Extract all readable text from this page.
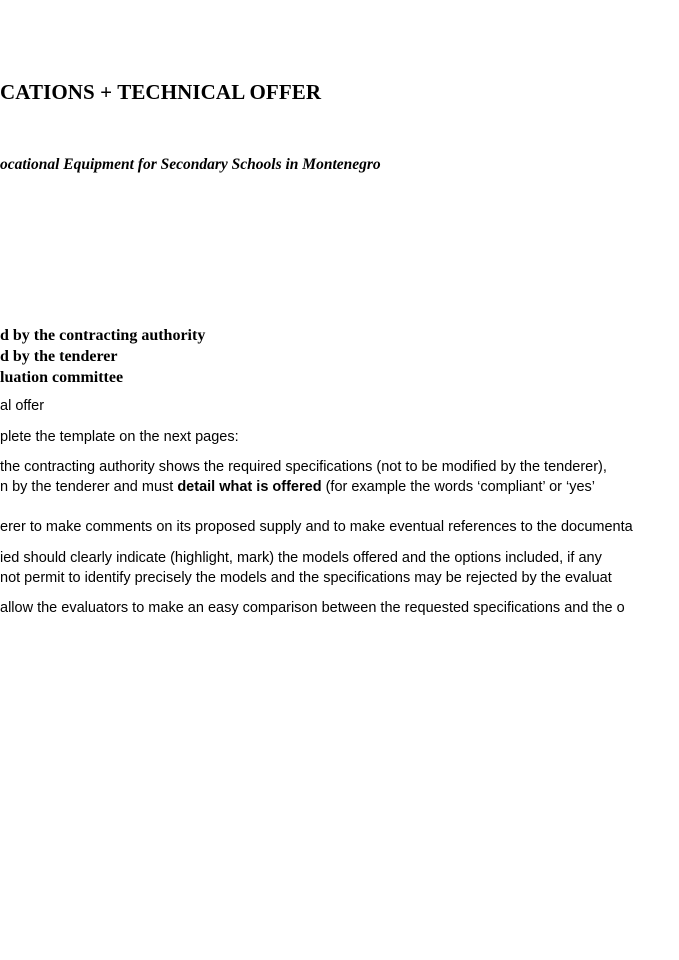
CATIONS + TECHNICAL OFFER
ocational Equipment for Secondary Schools in Montenegro
d by the contracting authority
d by the tenderer
luation committee
al offer
plete the template on the next pages:
the contracting authority shows the required specifications (not to be modified by the tenderer),
n by the tenderer and must detail what is offered (for example the words ‘compliant’ or ‘yes’
erer to make comments on its proposed supply and to make eventual references to the documenta
ied should clearly indicate (highlight, mark) the models offered and the options included, if any
not permit to identify precisely the models and the specifications may be rejected by the evaluat
allow the evaluators to make an easy comparison between the requested specifications and the o
